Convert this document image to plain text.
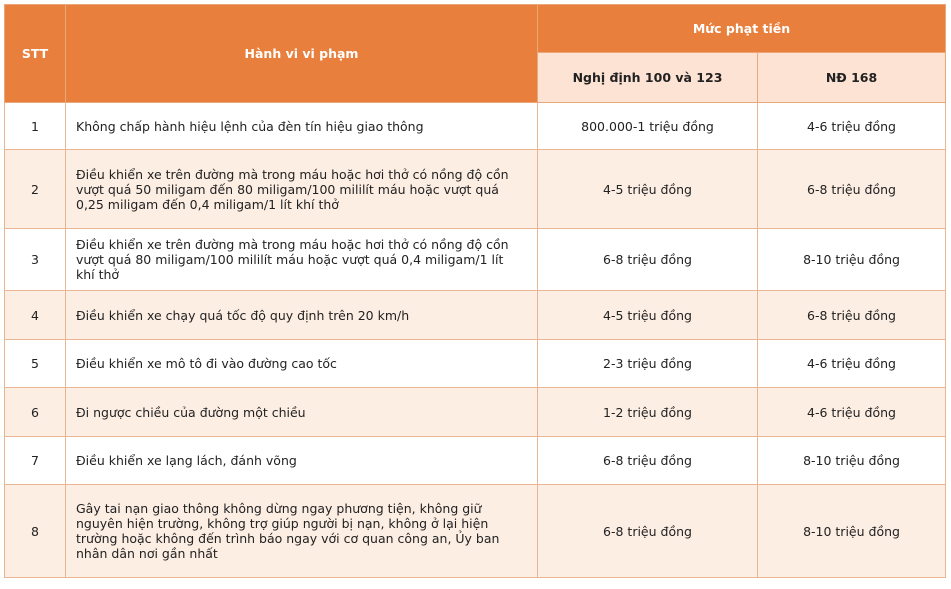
STT	Hành vi vi phạm	Mức phạt tiền	
		Nghị định 100 và 123	NĐ 168
1	Không chấp hành hiệu lệnh của đèn tín hiệu giao thông	800.000-1 triệu đồng	4-6 triệu đồng
2	Điều khiển xe trên đường mà trong máu hoặc hơi thở có nồng độ cồn vượt quá 50 miligam đến 80 miligam/100 mililít máu hoặc vượt quá 0,25 miligam đến 0,4 miligam/1 lít khí thở	4-5 triệu đồng	6-8 triệu đồng
3	Điều khiển xe trên đường mà trong máu hoặc hơi thở có nồng độ cồn vượt quá 80 miligam/100 mililít máu hoặc vượt quá 0,4 miligam/1 lít khí thở	6-8 triệu đồng	8-10 triệu đồng
4	Điều khiển xe chạy quá tốc độ quy định trên 20 km/h	4-5 triệu đồng	6-8 triệu đồng
5	Điều khiển xe mô tô đi vào đường cao tốc	2-3 triệu đồng	4-6 triệu đồng
6	Đi ngược chiều của đường một chiều	1-2 triệu đồng	4-6 triệu đồng
7	Điều khiển xe lạng lách, đánh võng	6-8 triệu đồng	8-10 triệu đồng
8	Gây tai nạn giao thông không dừng ngay phương tiện, không giữ nguyên hiện trường, không trợ giúp người bị nạn, không ở lại hiện trường hoặc không đến trình báo ngay với cơ quan công an, Ủy ban nhân dân nơi gần nhất	6-8 triệu đồng	8-10 triệu đồng
